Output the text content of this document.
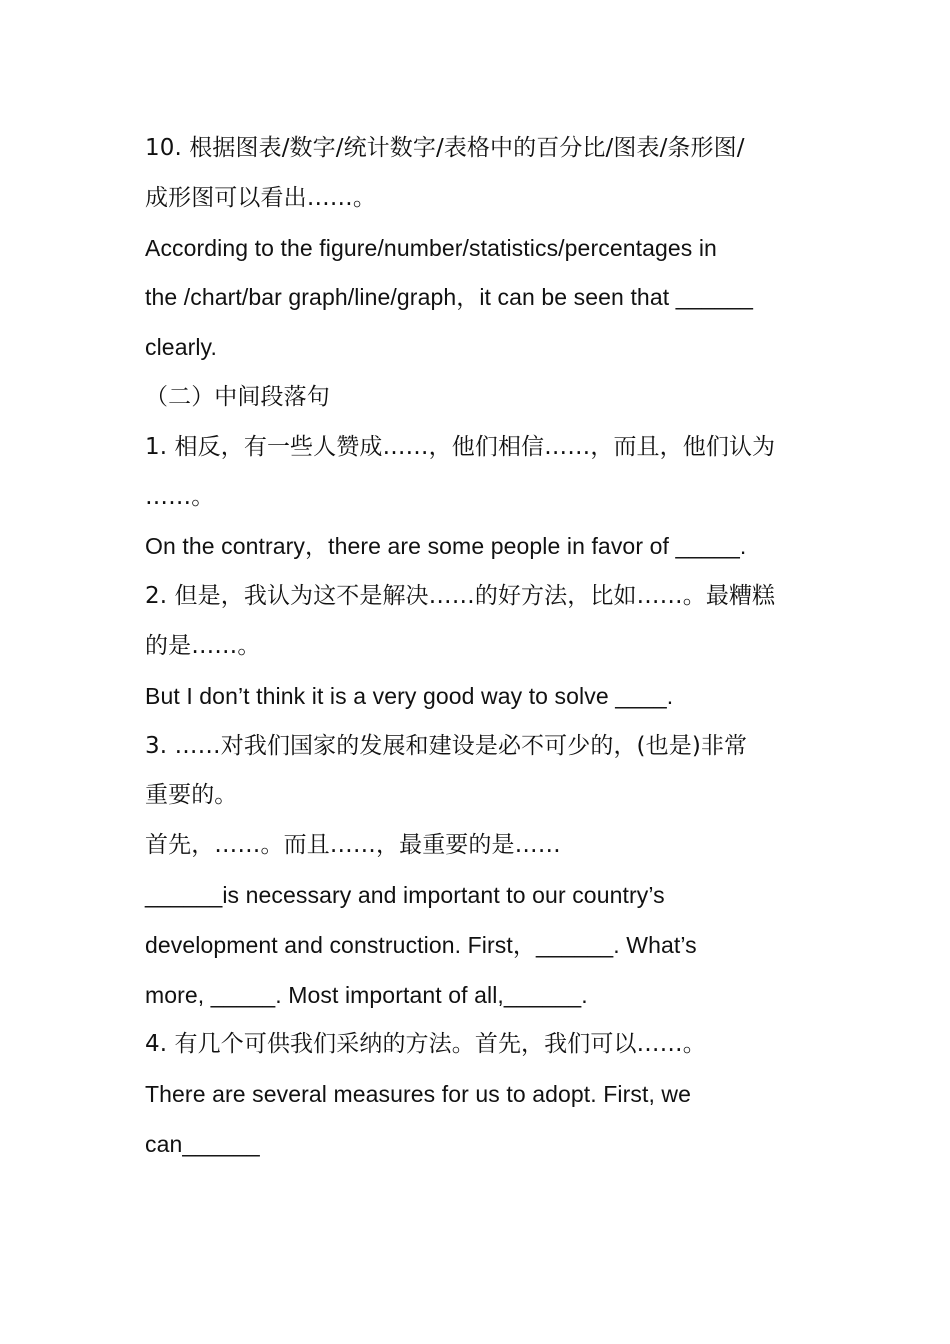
10. 根据图表/数字/统计数字/表格中的百分比/图表/条形图/
成形图可以看出……。
According to the figure/number/statistics/percentages in
the /chart/bar graph/line/graph，it can be seen that ______
clearly.
（二）中间段落句
1. 相反，有一些人赞成……，他们相信……，而且，他们认为
……。
On the contrary，there are some people in favor of _____.
2. 但是，我认为这不是解决……的好方法，比如……。最糟糕
的是……。
But I don’t think it is a very good way to solve ____.
3. ……对我们国家的发展和建设是必不可少的，(也是)非常
重要的。
首先，……。而且……，最重要的是……
______is necessary and important to our country’s
development and construction. First，______. What’s
more, _____. Most important of all,______.
4. 有几个可供我们采纳的方法。首先，我们可以……。
There are several measures for us to adopt. First, we
can______
